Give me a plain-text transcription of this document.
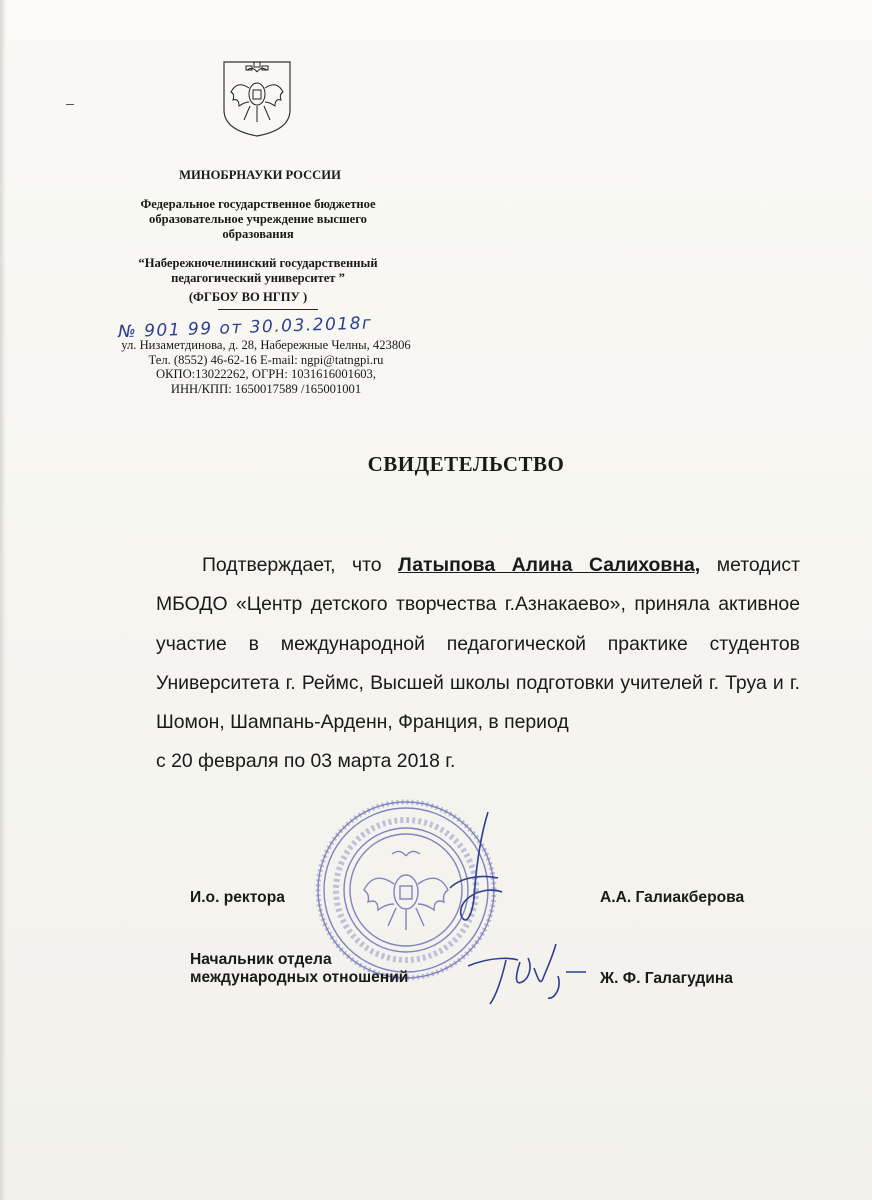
МИНОБРНАУКИ РОССИИ
Федеральное государственное бюджетное
образовательное учреждение высшего
образования
“Набережночелнинский государственный
педагогический университет ”
(ФГБОУ ВО НГПУ )
№ 901 99 от 30.03.2018г
ул. Низаметдинова, д. 28, Набережные Челны, 423806
Тел. (8552) 46-62-16 E-mail: ngpi@tatngpi.ru
ОКПО:13022262, ОГРН: 1031616001603,
ИНН/КПП: 1650017589 /165001001
СВИДЕТЕЛЬСТВО
Подтверждает, что Латыпова Алина Салиховна, методист МБОДО «Центр детского творчества г.Азнакаево», приняла активное участие в международной педагогической практике студентов Университета г. Реймс, Высшей школы подготовки учителей г. Труа и г. Шомон, Шампань-Арденн, Франция, в период
с 20 февраля по 03 марта 2018 г.
И.о. ректора	А.А. Галиакберова
Начальник отдела
международных отношений	Ж. Ф. Галагудина
